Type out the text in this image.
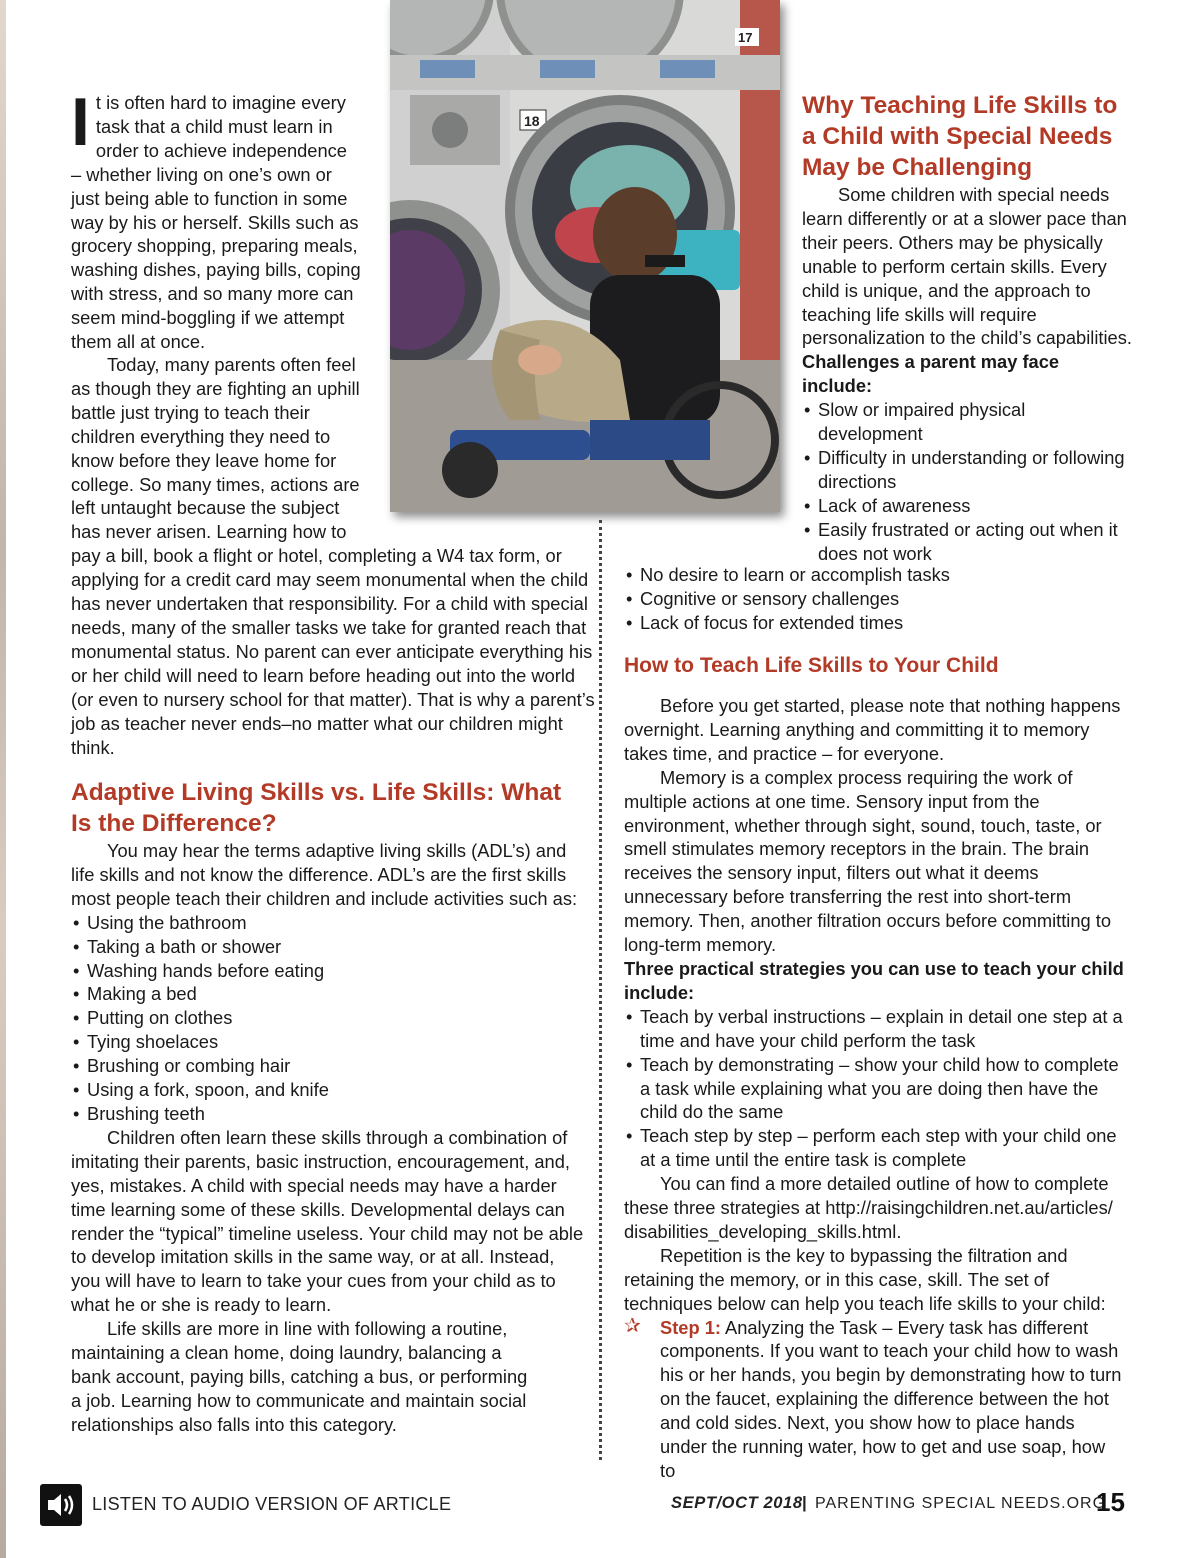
18
17

It is often hard to imagine every task that a child must learn in order to achieve independence – whether living on one’s own or just being able to function in some way by his or herself. Skills such as grocery shopping, preparing meals, washing dishes, paying bills, coping with stress, and so many more can seem mind-boggling if we attempt them all at once.

Today, many parents often feel as though they are fighting an uphill battle just trying to teach their children everything they need to know before they leave home for college. So many times, actions are left untaught because the subject has never arisen. Learning how to pay a bill, book a flight or hotel, completing a W4 tax form, or applying for a credit card may seem monumental when the child has never undertaken that responsibility. For a child with special needs, many of the smaller tasks we take for granted reach that monumental status. No parent can ever anticipate everything his or her child will need to learn before heading out into the world (or even to nursery school for that matter). That is why a parent’s job as teacher never ends–no matter what our children might think.

Adaptive Living Skills vs. Life Skills: What Is the Difference?

You may hear the terms adaptive living skills (ADL’s) and life skills and not know the difference. ADL’s are the first skills most people teach their children and include activities such as:

• Using the bathroom
• Taking a bath or shower
• Washing hands before eating
• Making a bed
• Putting on clothes
• Tying shoelaces
• Brushing or combing hair
• Using a fork, spoon, and knife
• Brushing teeth

Children often learn these skills through a combination of imitating their parents, basic instruction, encouragement, and, yes, mistakes. A child with special needs may have a harder time learning some of these skills. Developmental delays can render the “typical” timeline useless. Your child may not be able to develop imitation skills in the same way, or at all. Instead, you will have to learn to take your cues from your child as to what he or she is ready to learn.

Life skills are more in line with following a routine, maintaining a clean home, doing laundry, balancing a bank account, paying bills, catching a bus, or performing a job. Learning how to communicate and maintain social relationships also falls into this category.

Why Teaching Life Skills to a Child with Special Needs May be Challenging

Some children with special needs learn differently or at a slower pace than their peers. Others may be physically unable to perform certain skills. Every child is unique, and the approach to teaching life skills will require personalization to the child’s capabilities.

Challenges a parent may face include:

• Slow or impaired physical development
• Difficulty in understanding or following directions
• Lack of awareness
• Easily frustrated or acting out when it does not work
• No desire to learn or accomplish tasks
• Cognitive or sensory challenges
• Lack of focus for extended times
How to Teach Life Skills to Your Child

Before you get started, please note that nothing happens overnight. Learning anything and committing it to memory takes time, and practice – for everyone.

Memory is a complex process requiring the work of multiple actions at one time. Sensory input from the environment, whether through sight, sound, touch, taste, or smell stimulates memory receptors in the brain. The brain receives the sensory input, filters out what it deems unnecessary before transferring the rest into short-term memory. Then, another filtration occurs before committing to long-term memory.

Three practical strategies you can use to teach your child include:

• Teach by verbal instructions – explain in detail one step at a time and have your child perform the task
• Teach by demonstrating – show your child how to complete a task while explaining what you are doing then have the child do the same
• Teach step by step – perform each step with your child one at a time until the entire task is complete

You can find a more detailed outline of how to complete these three strategies at http://raisingchildren.net.au/articles/ disabilities_developing_skills.html.

Repetition is the key to bypassing the filtration and retaining the memory, or in this case, skill. The set of techniques below can help you teach life skills to your child:

✰ Step 1: Analyzing the Task – Every task has different components. If you want to teach your child how to wash his or her hands, you begin by demonstrating how to turn on the faucet, explaining the difference between the hot and cold sides. Next, you show how to place hands under the running water, how to get and use soap, how to
LISTEN TO AUDIO VERSION OF ARTICLE	SEPT/OCT 2018 | PARENTING SPECIAL NEEDS.ORG
15
